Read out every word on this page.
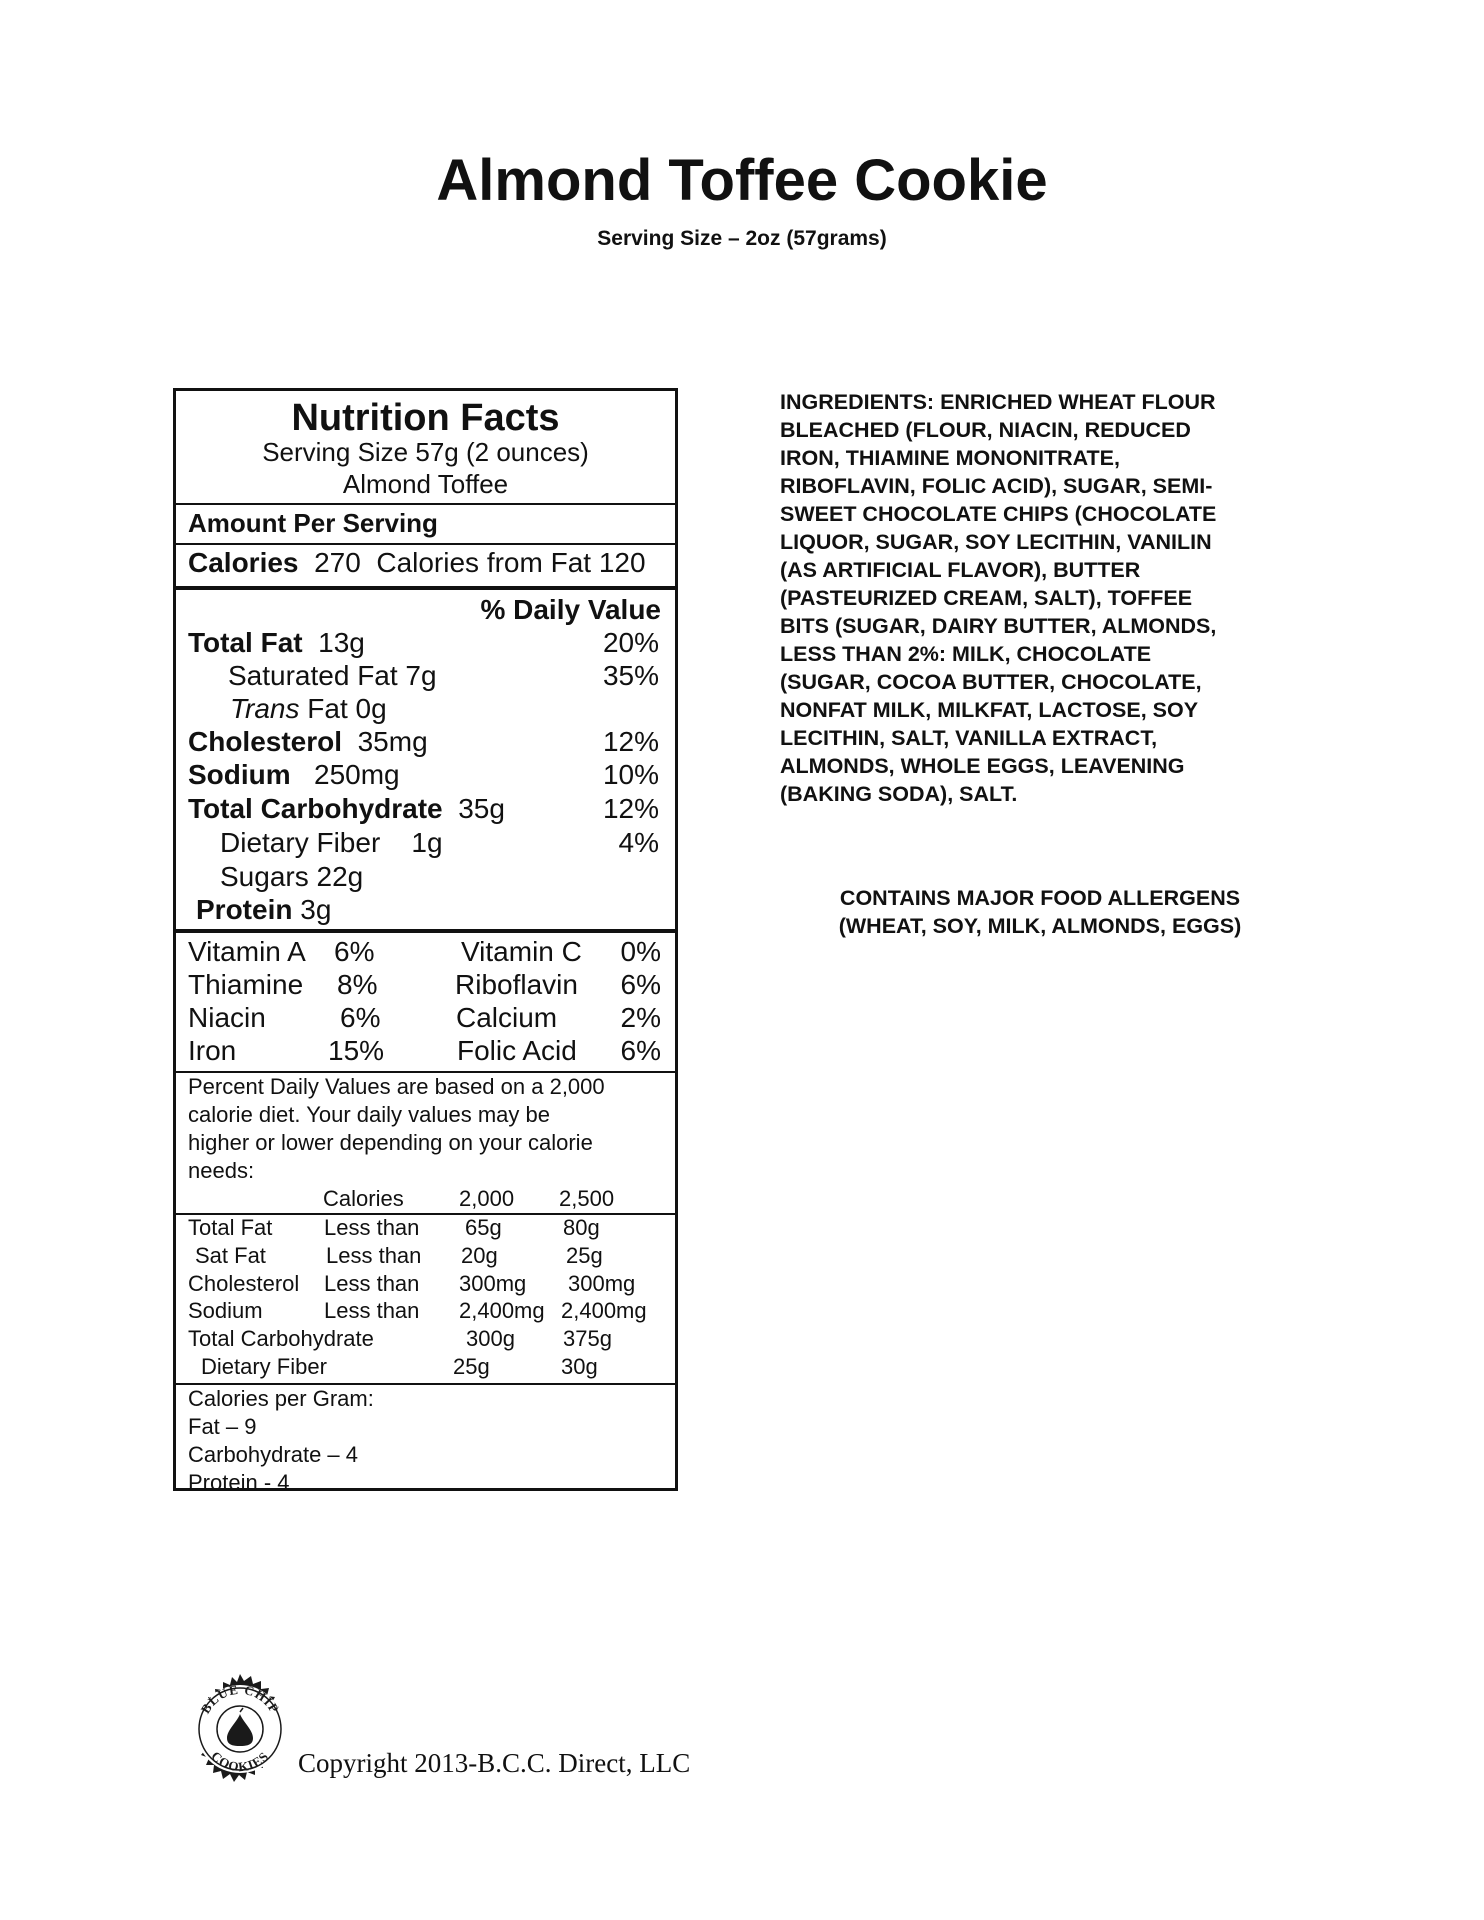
Almond Toffee Cookie
Serving Size – 2oz (57grams)
Nutrition Facts
Serving Size 57g (2 ounces)
Almond Toffee
Amount Per Serving
Calories 270 Calories from Fat 120
% Daily Value
Total Fat 13g	20%
Saturated Fat 7g	35%
Trans Fat 0g
Cholesterol 35mg	12%
Sodium 250mg	10%
Total Carbohydrate 35g	12%
Dietary Fiber 1g	4%
Sugars 22g
Protein 3g
Vitamin A 6%	Vitamin C 0%
Thiamine 8%	Riboflavin 6%
Niacin	6%	Calcium 2%
Iron	15%	Folic Acid 6%
Percent Daily Values are based on a 2,000
calorie diet. Your daily values may be
higher or lower depending on your calorie
needs:
Calories	2,000 2,500
Total Fat Less than 65g	80g
Sat Fat	Less than 20g	25g
Cholesterol Less than 300mg 300mg
Sodium	Less than 2,400mg 2,400mg
Total Carbohydrate	300g 375g
Dietary Fiber	25g	30g
Calories per Gram:
Fat – 9
Carbohydrate – 4
Protein - 4
INGREDIENTS: ENRICHED WHEAT FLOUR
BLEACHED (FLOUR, NIACIN, REDUCED
IRON, THIAMINE MONONITRATE,
RIBOFLAVIN, FOLIC ACID), SUGAR, SEMI-
SWEET CHOCOLATE CHIPS (CHOCOLATE
LIQUOR, SUGAR, SOY LECITHIN, VANILIN
(AS ARTIFICIAL FLAVOR), BUTTER
(PASTEURIZED CREAM, SALT), TOFFEE
BITS (SUGAR, DAIRY BUTTER, ALMONDS,
LESS THAN 2%: MILK, CHOCOLATE
(SUGAR, COCOA BUTTER, CHOCOLATE,
NONFAT MILK, MILKFAT, LACTOSE, SOY
LECITHIN, SALT, VANILLA EXTRACT,
ALMONDS, WHOLE EGGS, LEAVENING
(BAKING SODA), SALT.
CONTAINS MAJOR FOOD ALLERGENS
(WHEAT, SOY, MILK, ALMONDS, EGGS)
BLUE CHIP
COOKIES Copyright 2013-B.C.C. Direct, LLC
